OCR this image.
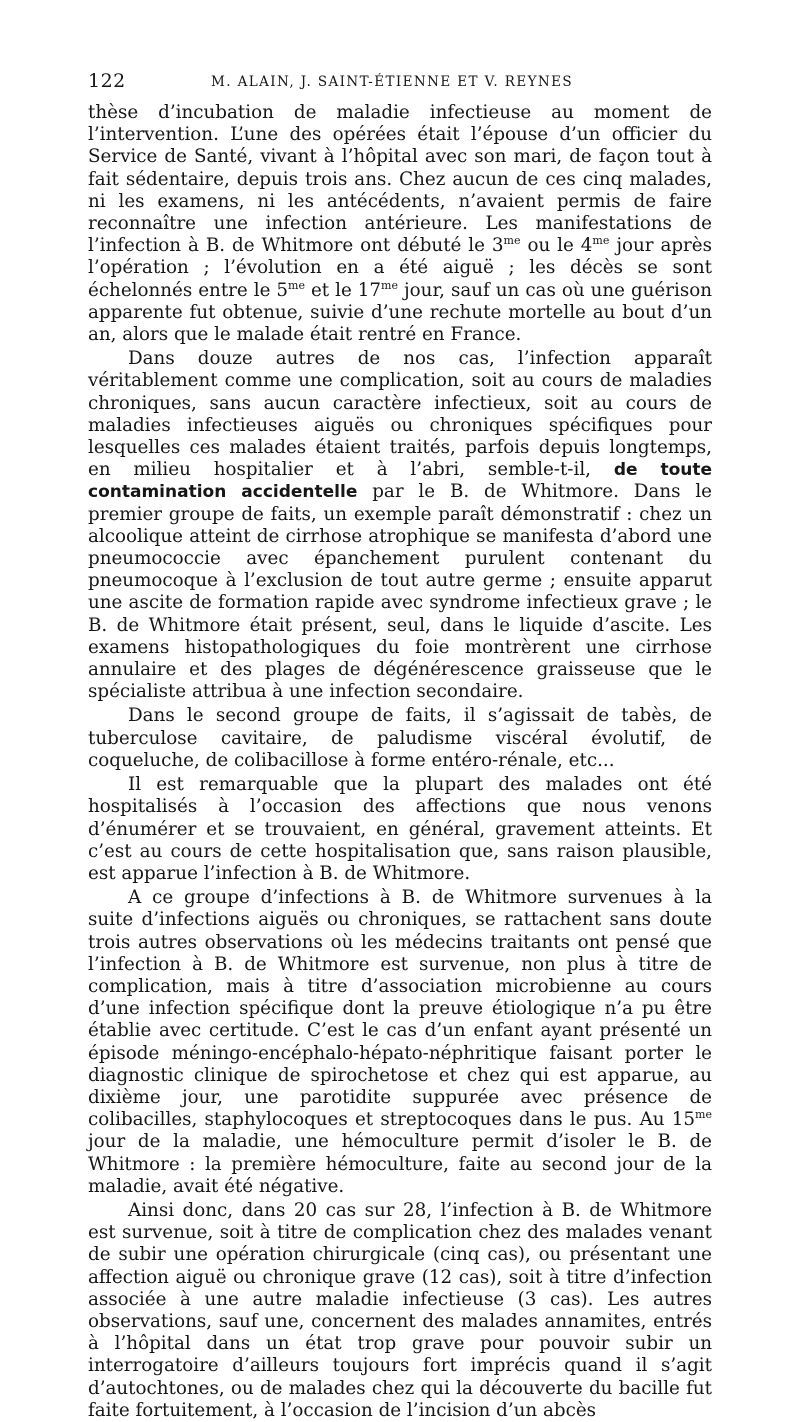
122	M. ALAIN, J. SAINT-ÉTIENNE ET V. REYNES

thèse d’incubation de maladie infectieuse au moment de l’intervention. L’une des opérées était l’épouse d’un officier du Service de Santé, vivant à l’hôpital avec son mari, de façon tout à fait sédentaire, depuis trois ans. Chez aucun de ces cinq malades, ni les examens, ni les antécédents, n’avaient permis de faire reconnaître une infection antérieure. Les manifestations de l’infection à B. de Whitmore ont débuté le $3^{me}$ ou le $4^{me}$ jour après l’opération ; l’évolution en a été aiguë ; les décès se sont échelonnés entre le $5^{me}$ et le $17^{me}$ jour, sauf un cas où une guérison apparente fut obtenue, suivie d’une rechute mortelle au bout d’un an, alors que le malade était rentré en France.

Dans douze autres de nos cas, l’infection apparaît véritablement comme une complication, soit au cours de maladies chroniques, sans aucun caractère infectieux, soit au cours de maladies infectieuses aiguës ou chroniques spécifiques pour lesquelles ces malades étaient traités, parfois depuis longtemps, en milieu hospitalier et à l’abri, semble-t-il, de toute contamination accidentelle par le B. de Whitmore. Dans le premier groupe de faits, un exemple paraît démonstratif : chez un alcoolique atteint de cirrhose atrophique se manifesta d’abord une pneumococcie avec épanchement purulent contenant du pneumocoque à l’exclusion de tout autre germe ; ensuite apparut une ascite de formation rapide avec syndrome infectieux grave ; le B. de Whitmore était présent, seul, dans le liquide d’ascite. Les examens histopathologiques du foie montrèrent une cirrhose annulaire et des plages de dégénérescence graisseuse que le spécialiste attribua à une infection secondaire.

Dans le second groupe de faits, il s’agissait de tabès, de tuberculose cavitaire, de paludisme viscéral évolutif, de coqueluche, de colibacillose à forme entéro-rénale, etc...

Il est remarquable que la plupart des malades ont été hospitalisés à l’occasion des affections que nous venons d’énumérer et se trouvaient, en général, gravement atteints. Et c’est au cours de cette hospitalisation que, sans raison plausible, est apparue l’infection à B. de Whitmore.

A ce groupe d’infections à B. de Whitmore survenues à la suite d’infections aiguës ou chroniques, se rattachent sans doute trois autres observations où les médecins traitants ont pensé que l’infection à B. de Whitmore est survenue, non plus à titre de complication, mais à titre d’association microbienne au cours d’une infection spécifique dont la preuve étiologique n’a pu être établie avec certitude. C’est le cas d’un enfant ayant présenté un épisode méningo-encéphalo-hépato-néphritique faisant porter le diagnostic clinique de spirochetose et chez qui est apparue, au dixième jour, une parotidite suppurée avec présence de colibacilles, staphylocoques et streptocoques dans le pus. Au $15^{me}$ jour de la maladie, une hémoculture permit d’isoler le B. de Whitmore : la première hémoculture, faite au second jour de la maladie, avait été négative.

Ainsi donc, dans 20 cas sur 28, l’infection à B. de Whitmore est survenue, soit à titre de complication chez des malades venant de subir une opération chirurgicale (cinq cas), ou présentant une affection aiguë ou chronique grave (12 cas), soit à titre d’infection associée à une autre maladie infectieuse (3 cas). Les autres observations, sauf une, concernent des malades annamites, entrés à l’hôpital dans un état trop grave pour pouvoir subir un interrogatoire d’ailleurs toujours fort imprécis quand il s’agit d’autochtones, ou de malades chez qui la découverte du bacille fut faite fortuitement, à l’occasion de l’incision d’un abcès
